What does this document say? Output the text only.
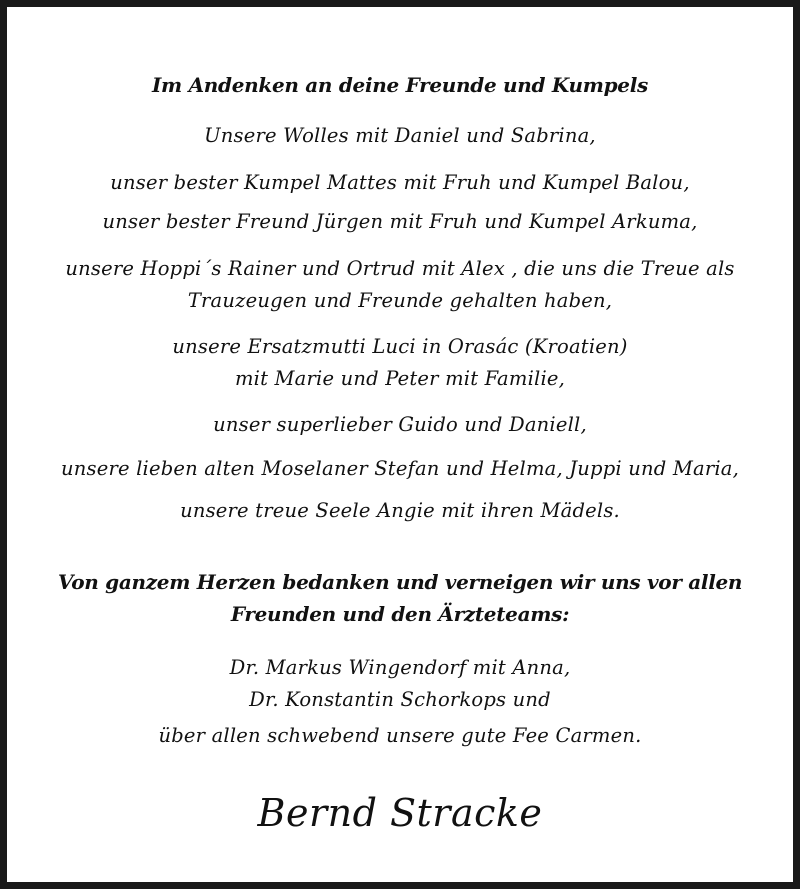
Im Andenken an deine Freunde und Kumpels
Unsere Wolles mit Daniel und Sabrina,
unser bester Kumpel Mattes mit Fruh und Kumpel Balou,
unser bester Freund Jürgen mit Fruh und Kumpel Arkuma,
unsere Hoppi´s Rainer und Ortrud mit Alex , die uns die Treue als
Trauzeugen und Freunde gehalten haben,
unsere Ersatzmutti Luci in Orasác (Kroatien)
mit Marie und Peter mit Familie,
unser superlieber Guido und Daniell,
unsere lieben alten Moselaner Stefan und Helma, Juppi und Maria,
unsere treue Seele Angie mit ihren Mädels.
Von ganzem Herzen bedanken und verneigen wir uns vor allen
Freunden und den Ärzteteams:
Dr. Markus Wingendorf mit Anna,
Dr. Konstantin Schorkops und
über allen schwebend unsere gute Fee Carmen.
Bernd Stracke
